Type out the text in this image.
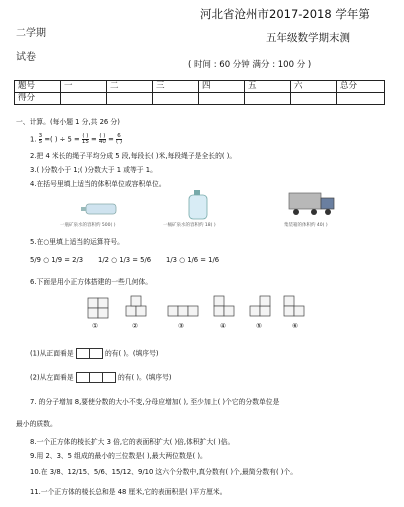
河北省沧州市2017-2018 学年第
二学期	五年级数学期末测
试卷
( 时间 : 60 分钟 满分 : 100 分 )
题号	一	二	三	四	五	六	总分
得分							
一、计算。(每小题 1 分,共 26 分)
1. $\frac{3}{5}$ =( ) ÷ $5 = \frac{( )}{15} = \frac{( )}{40} = \frac{6}{( )}$
2.把 4 米长的绳子平均分成 5 段,每段长( )米,每段绳子是全长的( )。
3.( )分数小于 1;( )分数大于 1 或等于 1。
4.在括号里填上适当的体积单位或容积单位。
一瓶矿泉水的容积约 500( )	一桶矿泉水的容积约 18( )	集装箱的体积约 40( )
5.在○里填上适当的运算符号。
5/9 ○ 1/9 = 2/3 1/2 ○ 1/3 = 5/6 1/3 ○ 1/6 = 1/6
6.下面是用小正方体搭建的一些几何体。
①	②	③	④	⑤	⑥
(1)从正面看是	的有( )。(填序号)
(2)从左面看是	的有( )。(填序号)
7. 的分子增加 8,要使分数的大小不变,分母应增加( ), 至少加上( )个它的分数单位是
最小的质数。
8.一个正方体的棱长扩大 3 倍,它的表面积扩大( )倍,体积扩大( )倍。
9.用 2、3、5 组成的最小的三位数是( ),最大两位数是( )。
10.在 3/8、12/15、5/6、15/12、9/10 这六个分数中,真分数有( )个,最简分数有( )个。
11.一个正方体的棱长总和是 48 厘米,它的表面积是( )平方厘米。
